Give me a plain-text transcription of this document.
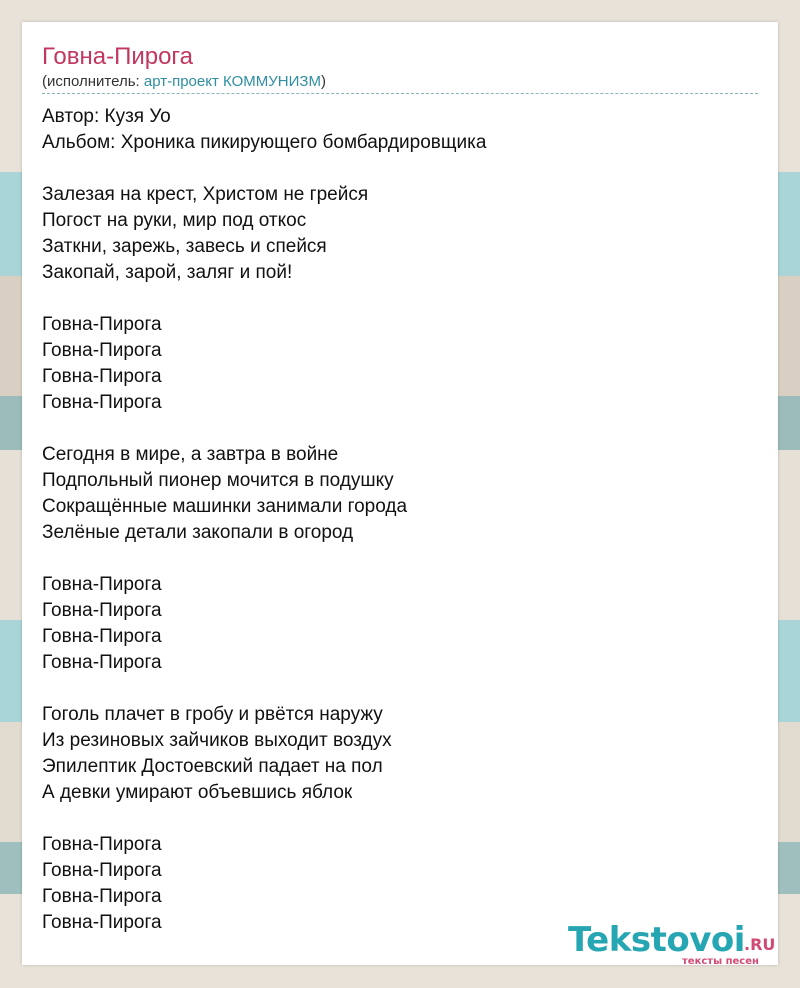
Говна-Пирога
(исполнитель: арт-проект КОММУНИЗМ)
Автор: Кузя Уо
Альбом: Хроника пикирующего бомбардировщика
Залезая на крест, Христом не грейся
Погост на руки, мир под откос
Заткни, зарежь, завесь и спейся
Закопай, зарой, заляг и пой!
Говна-Пирога
Говна-Пирога
Говна-Пирога
Говна-Пирога
Сегодня в мире, а завтра в войне
Подпольный пионер мочится в подушку
Сокращённые машинки занимали города
Зелёные детали закопали в огород
Говна-Пирога
Говна-Пирога
Говна-Пирога
Говна-Пирога
Гоголь плачет в гробу и рвётся наружу
Из резиновых зайчиков выходит воздух
Эпилептик Достоевский падает на пол
А девки умирают объевшись яблок
Говна-Пирога
Говна-Пирога
Говна-Пирога
Говна-Пирога	Tekstovoi .RU
тексты песен
